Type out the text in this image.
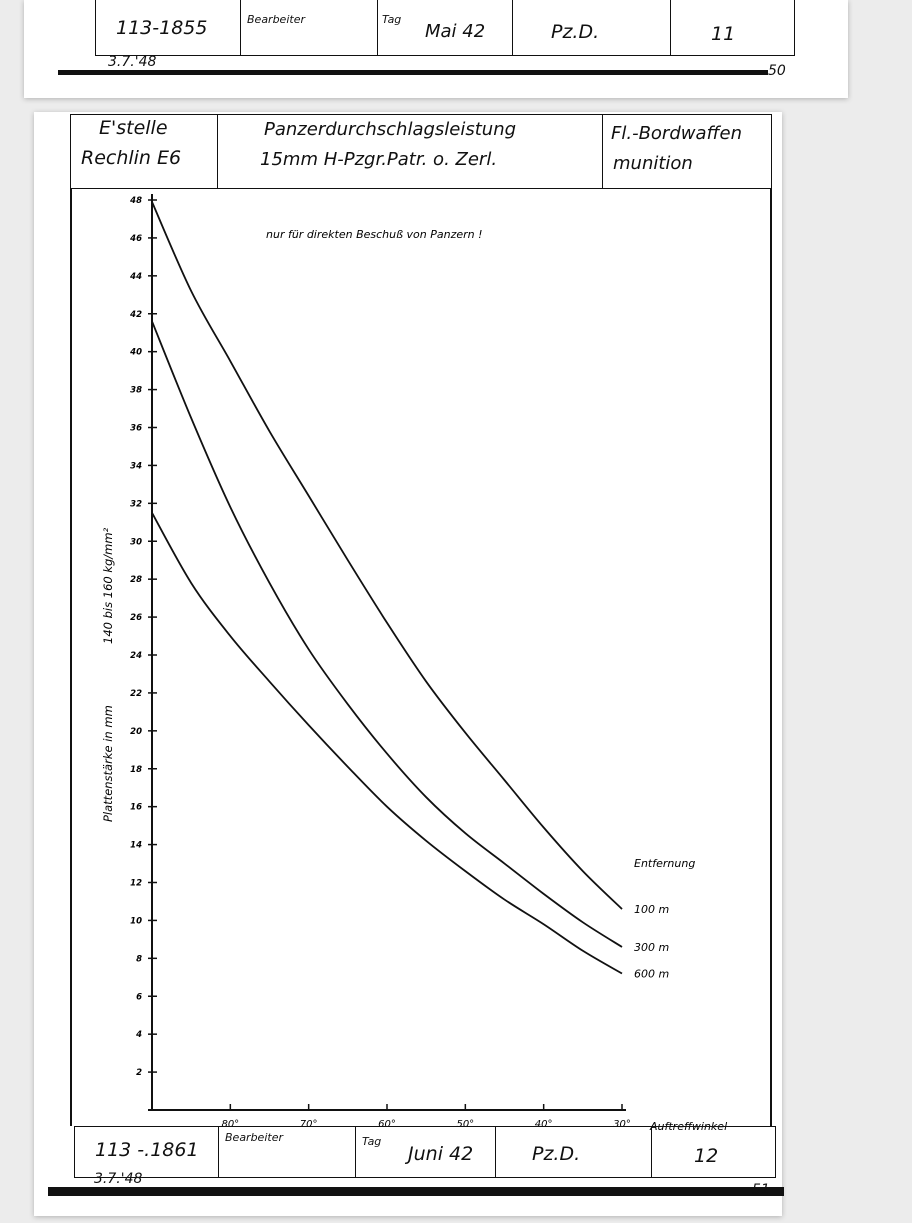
113-1855	Bearbeiter	Tag
Mai 42	Pz.D.	11
3.7.'48
50
E'stelle
Rechlin E6
Panzerdurchschlagsleistung
15mm H-Pzgr.Patr. o. Zerl.
Fl.-Bordwaffen
munition
nur für direkten Beschuß von Panzern !
Plattenstärke in mm
140 bis 160 kg/mm²
Auftreffwinkel
Entfernung
2
4
6
8
10
12
14
16
18
20
22
24
26
28
30
32
34
36
38
40
42
44
46
48
80°	70°	60°	50°	40°	30°
100 m
300 m
600 m
113 -.1861
Bearbeiter	Tag
Juni 42	Pz.D.	12
3.7.'48
51
